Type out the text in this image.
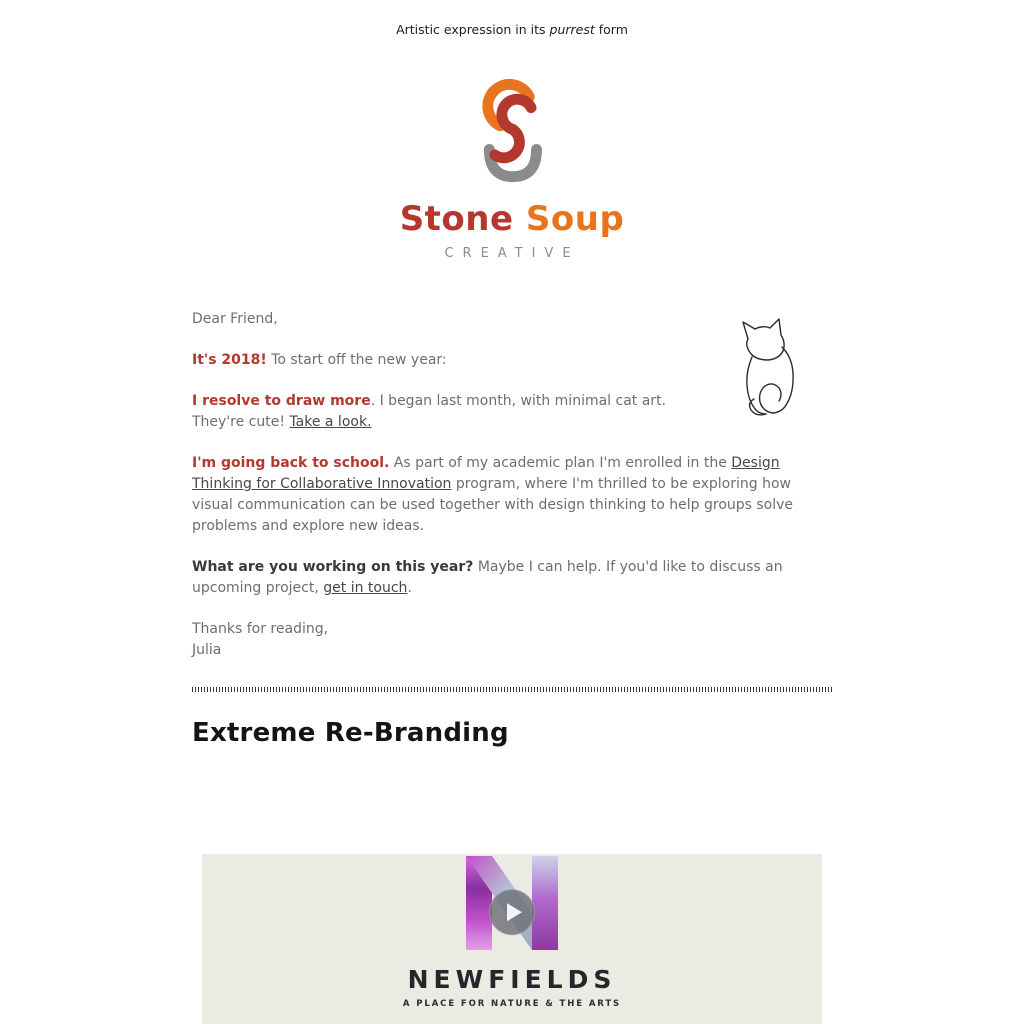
Artistic expression in its purrest form
Stone Soup
CREATIVE

Dear Friend,

It's 2018! To start off the new year:

I resolve to draw more. I began last month, with minimal cat art. They're cute! Take a look.

I'm going back to school. As part of my academic plan I'm enrolled in the Design Thinking for Collaborative Innovation program, where I'm thrilled to be exploring how visual communication can be used together with design thinking to help groups solve problems and explore new ideas.

What are you working on this year? Maybe I can help. If you'd like to discuss an upcoming project, get in touch.

Thanks for reading,
Julia

Extreme Re-Branding
NEWFIELDS
A PLACE FOR NATURE & THE ARTS
